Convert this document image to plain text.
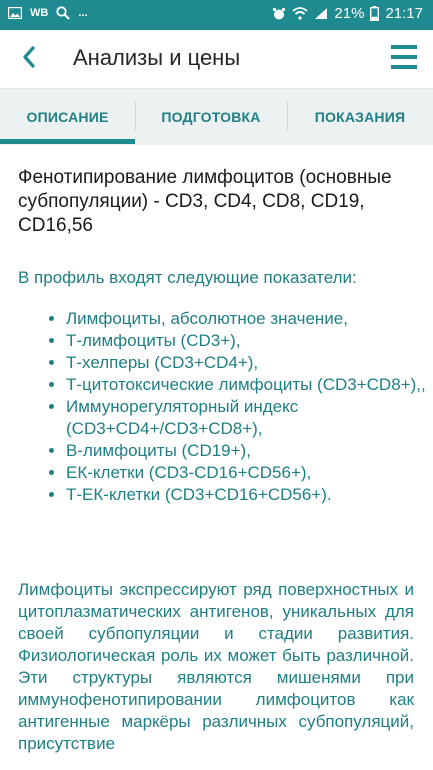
WB	...	21% 21:17
Анализы и цены
ОПИСАНИЕ	ПОДГОТОВКА	ПОКАЗАНИЯ
Фенотипирование лимфоцитов (основные субпопуляции) - CD3, CD4, CD8, CD19, CD16,56
В профиль входят следующие показатели:
• Лимфоциты, абсолютное значение,
• Т-лимфоциты (CD3+),
• Т-хелперы (CD3+CD4+),
• Т-цитотоксические лимфоциты (CD3+CD8+),,
• Иммунорегуляторный индекс (CD3+CD4+/CD3+CD8+),
• В-лимфоциты (CD19+),
• ЕК-клетки (CD3-CD16+CD56+),
• Т-ЕК-клетки (CD3+CD16+CD56+).
Лимфоциты экспрессируют ряд поверхностных и цитоплазматических антигенов, уникальных для своей субпопуляции и стадии развития. Физиологическая роль их может быть различной. Эти структуры являются мишенями при иммунофенотипировании лимфоцитов как антигенные маркёры различных субпопуляций, присутствие
